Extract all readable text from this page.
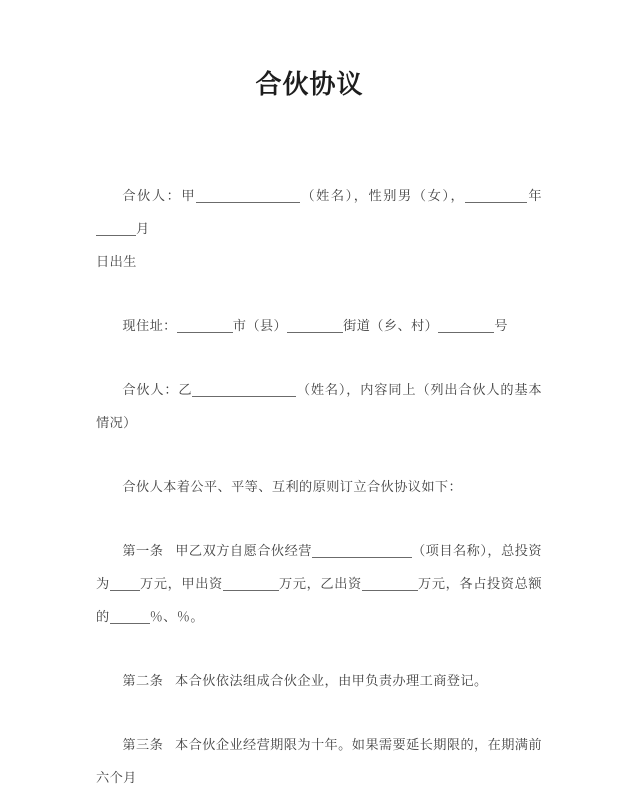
合伙协议

合伙人：甲	（姓名），性别男（女），	年月

日出生

现住址：	市（县）	街道（乡、村）	号

合伙人：乙	（姓名），内容同上（列出合伙人的基本情况）

合伙人本着公平、平等、互利的原则订立合伙协议如下：

第一条 甲乙双方自愿合伙经营	（项目名称），总投资为 万元，甲出资	万元，乙出资	万元，各占投资总额的	％、％。

第二条 本合伙依法组成合伙企业，由甲负责办理工商登记。

第三条 本合伙企业经营期限为十年。如果需要延长期限的，在期满前六个月
